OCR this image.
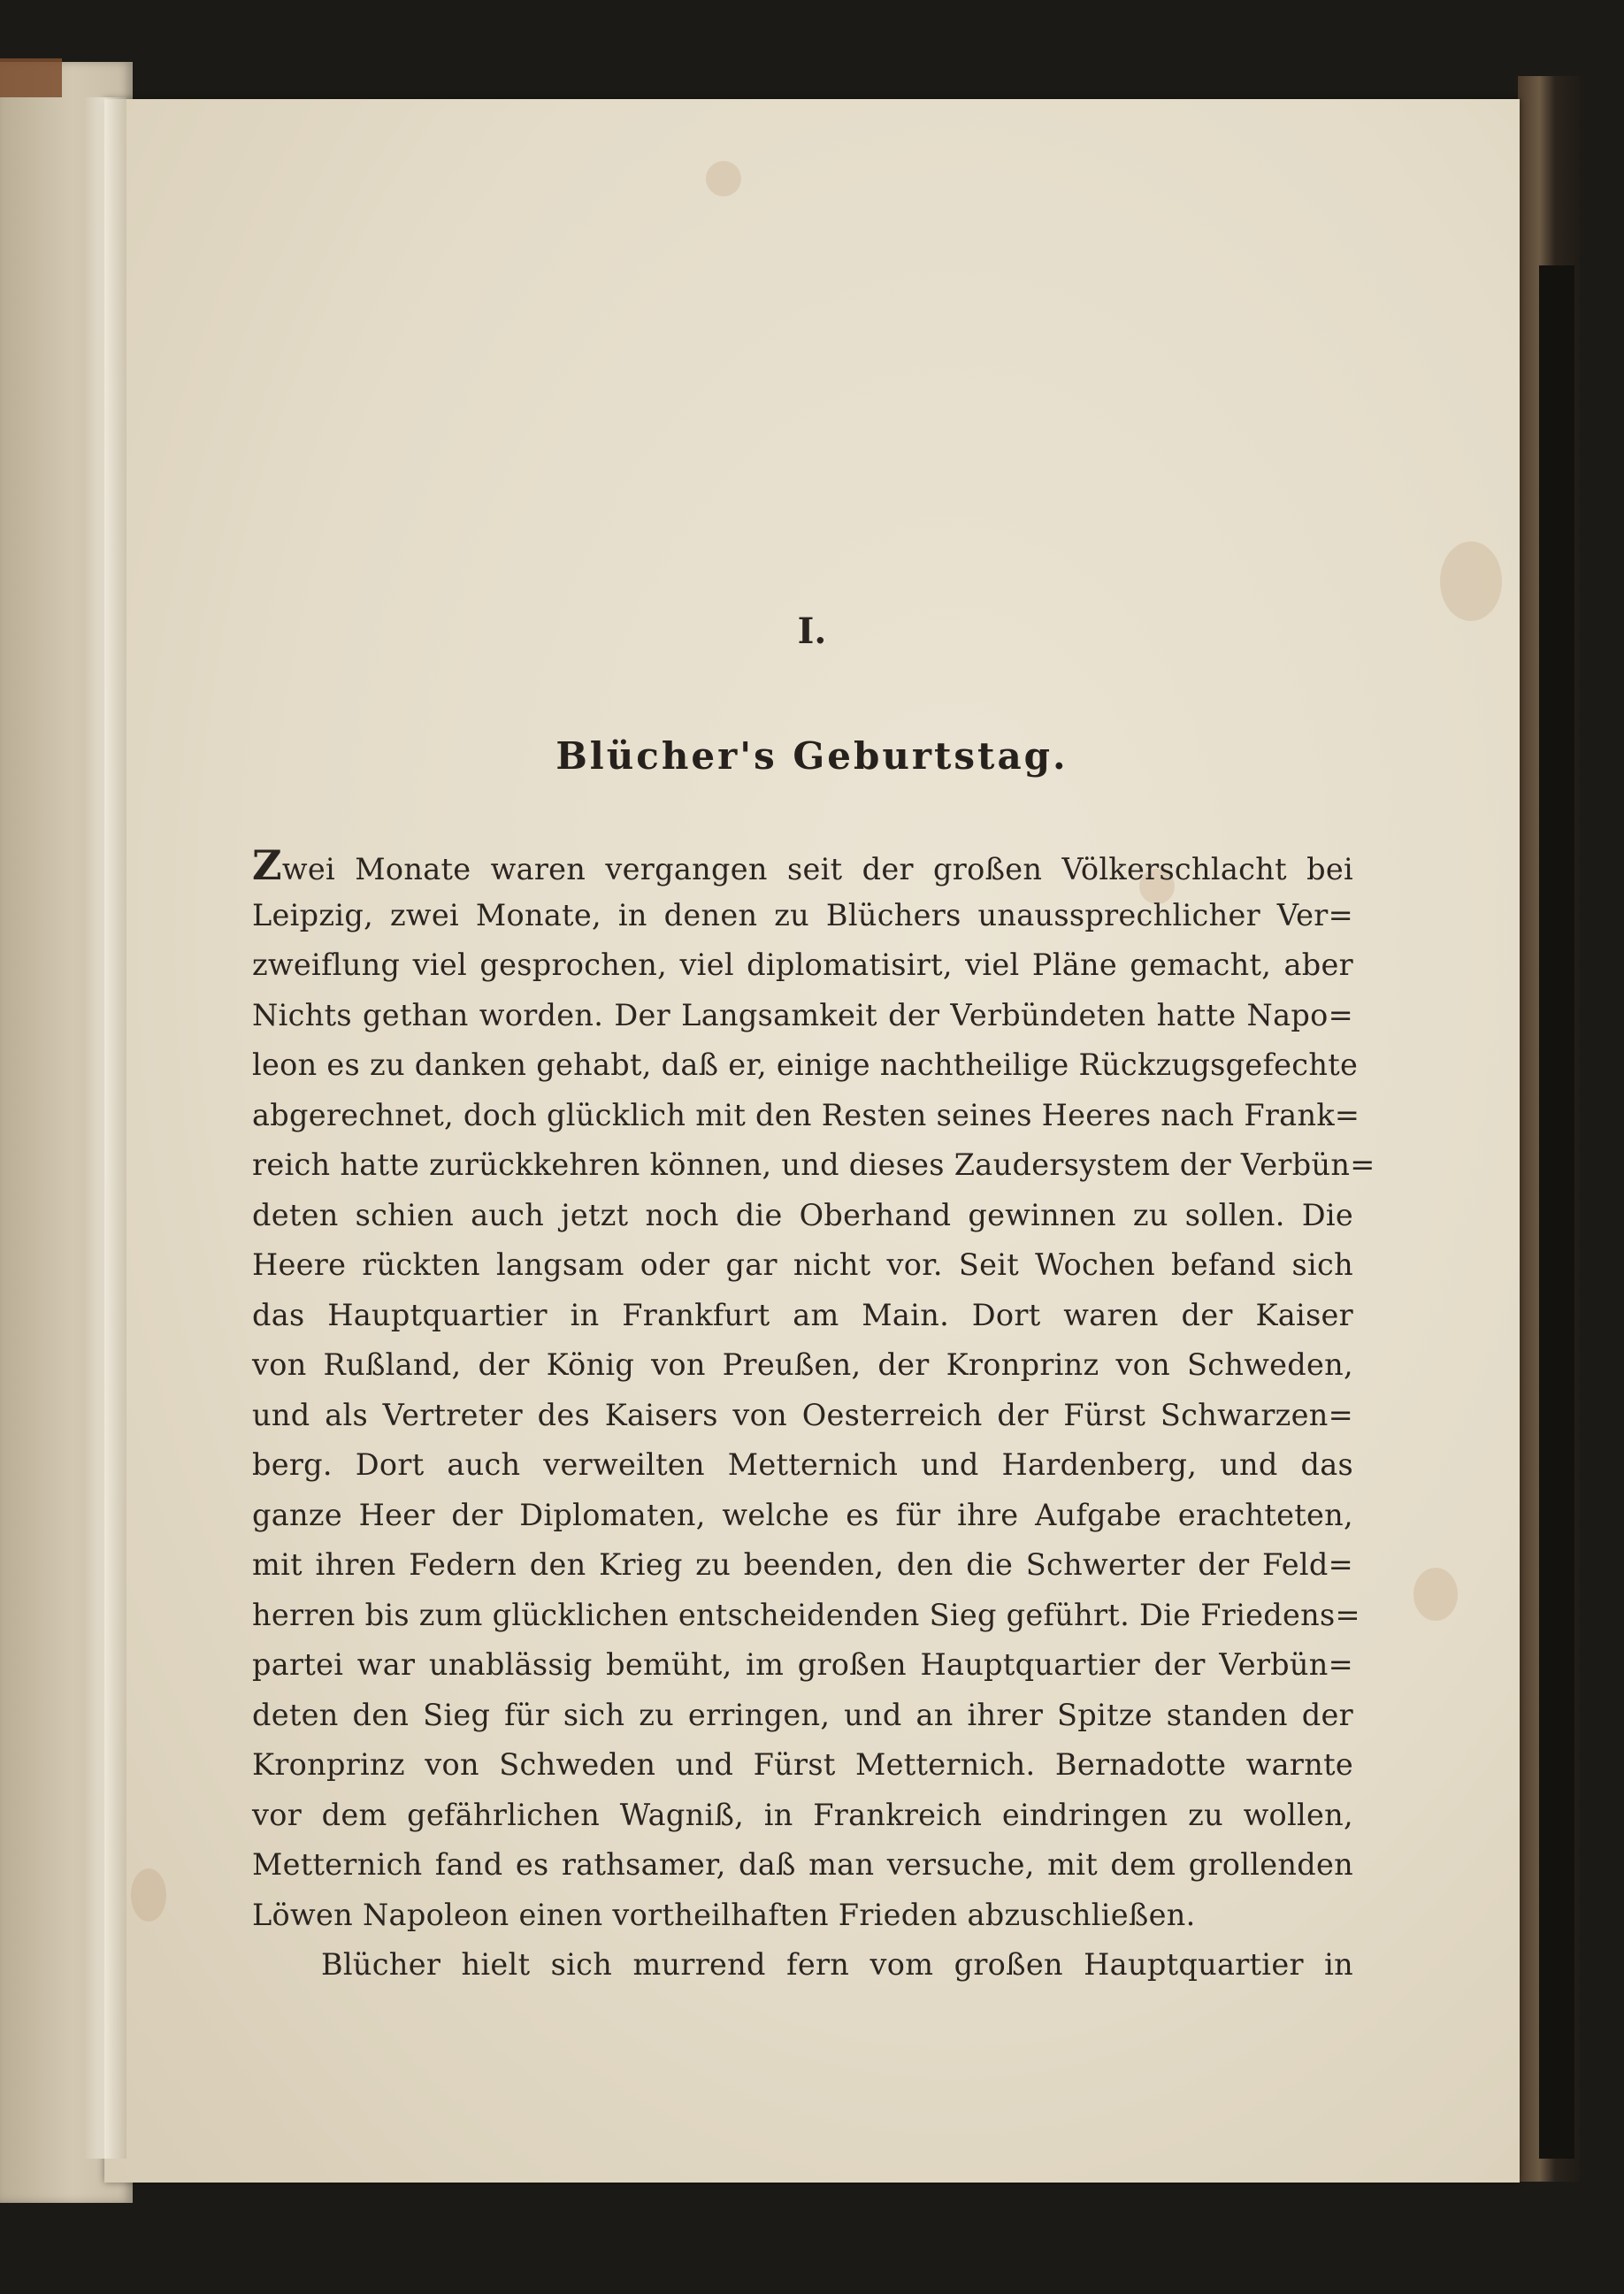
I.
Blücher's Geburtstag.
Zwei Monate waren vergangen seit der großen Völkerschlacht bei
Leipzig, zwei Monate, in denen zu Blüchers unaussprechlicher Ver=
zweiflung viel gesprochen, viel diplomatisirt, viel Pläne gemacht, aber
Nichts gethan worden. Der Langsamkeit der Verbündeten hatte Napo=
leon es zu danken gehabt, daß er, einige nachtheilige Rückzugsgefechte
abgerechnet, doch glücklich mit den Resten seines Heeres nach Frank=
reich hatte zurückkehren können, und dieses Zaudersystem der Verbün=
deten schien auch jetzt noch die Oberhand gewinnen zu sollen. Die
Heere rückten langsam oder gar nicht vor. Seit Wochen befand sich
das Hauptquartier in Frankfurt am Main. Dort waren der Kaiser
von Rußland, der König von Preußen, der Kronprinz von Schweden,
und als Vertreter des Kaisers von Oesterreich der Fürst Schwarzen=
berg. Dort auch verweilten Metternich und Hardenberg, und das
ganze Heer der Diplomaten, welche es für ihre Aufgabe erachteten,
mit ihren Federn den Krieg zu beenden, den die Schwerter der Feld=
herren bis zum glücklichen entscheidenden Sieg geführt. Die Friedens=
partei war unablässig bemüht, im großen Hauptquartier der Verbün=
deten den Sieg für sich zu erringen, und an ihrer Spitze standen der
Kronprinz von Schweden und Fürst Metternich. Bernadotte warnte
vor dem gefährlichen Wagniß, in Frankreich eindringen zu wollen,
Metternich fand es rathsamer, daß man versuche, mit dem grollenden
Löwen Napoleon einen vortheilhaften Frieden abzuschließen.
Blücher hielt sich murrend fern vom großen Hauptquartier in
